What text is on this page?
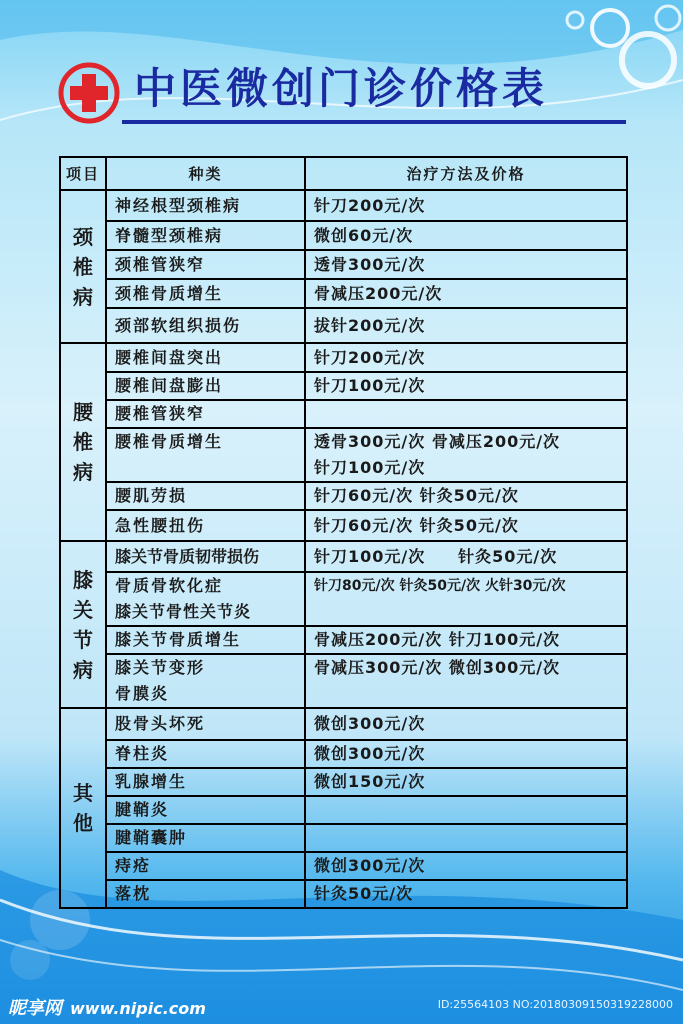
中医微创门诊价格表
项目	种类	治疗方法及价格
颈椎病	神经根型颈椎病	针刀200元/次
	脊髓型颈椎病	微创60元/次
	颈椎管狭窄	透骨300元/次
	颈椎骨质增生	骨减压200元/次
	颈部软组织损伤	拔针200元/次
腰椎病	腰椎间盘突出	针刀200元/次
	腰椎间盘膨出	针刀100元/次
	腰椎管狭窄	
	腰椎骨质增生	透骨300元/次 骨减压200元/次
		针刀100元/次
	腰肌劳损	针刀60元/次 针灸50元/次
	急性腰扭伤	针刀60元/次 针灸50元/次
膝关节病	膝关节骨质韧带损伤	针刀100元/次     针灸50元/次
	骨质骨软化症	针刀80元/次 针灸50元/次 火针30元/次
	膝关节骨性关节炎	
	膝关节骨质增生	骨减压200元/次 针刀100元/次
	膝关节变形	骨减压300元/次 微创300元/次
	骨膜炎	
其他	股骨头坏死	微创300元/次
	脊柱炎	微创300元/次
	乳腺增生	微创150元/次
	腱鞘炎	
	腱鞘囊肿	
	痔疮	微创300元/次
	落枕	针灸50元/次
昵享网 www.nipic.com	ID:25564103 NO:20180309150319228000
